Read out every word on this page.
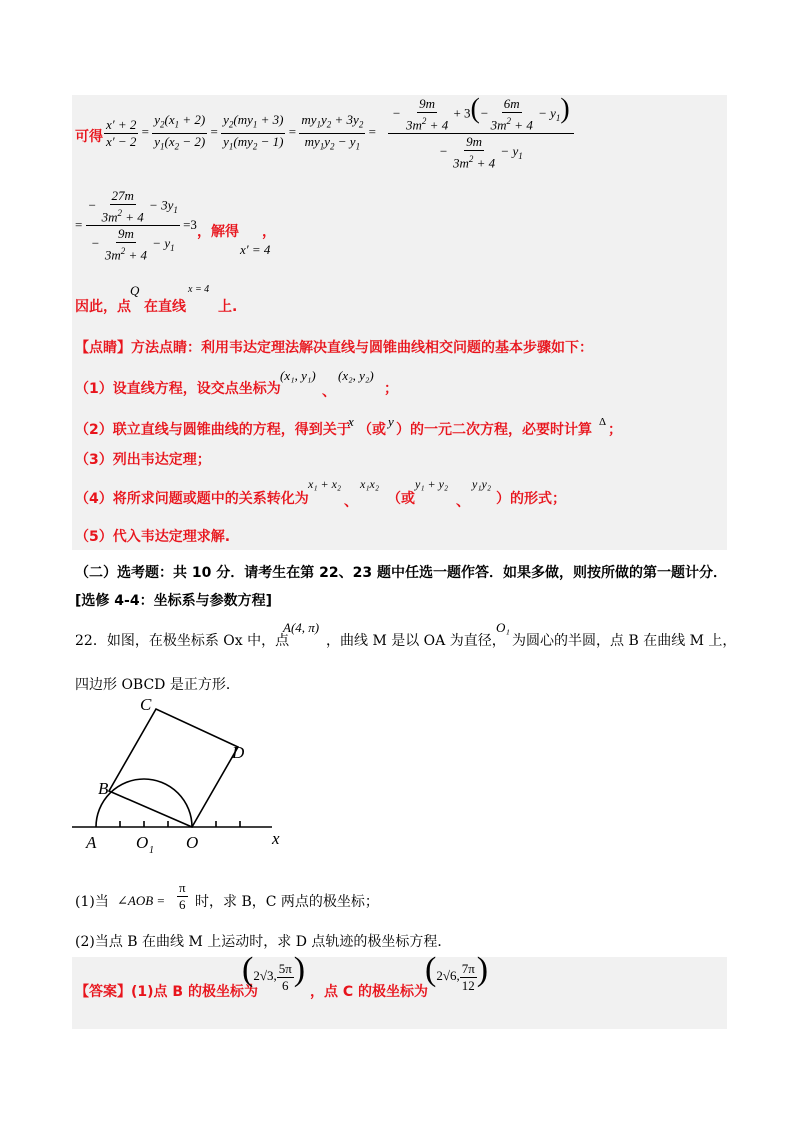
可得 $\frac{x' + 2}{x' - 2} = \frac{y_2(x_1 + 2)}{y_1(x_2 - 2)} = \frac{y_2(my_1 + 3)}{y_1(my_2 - 1)} = \frac{my_1y_2 + 3y_2}{my_1y_2 - y_1} = \frac{- \frac{9m}{3m^2 + 4} + 3(- \frac{6m}{3m^2 + 4} - y_1)}{- \frac{9m}{3m^2 + 4} - y_1}$
= $\frac{- \frac{27m}{3m^2 + 4} - 3y_1}{- \frac{9m}{3m^2 + 4} - y_1} =3$ ，解得 ，
x′ = 4
因此，点
Q
在直线
x = 4
上.
【点睛】方法点睛：利用韦达定理法解决直线与圆锥曲线相交问题的基本步骤如下：
（1）设直线方程，设交点坐标为
(x₁, y₁)
、
(x₂, y₂)
；
（2）联立直线与圆锥曲线的方程，得到关于
x
（或
y
）的一元二次方程，必要时计算 Δ ；
（3）列出韦达定理；
（4）将所求问题或题中的关系转化为
x₁ + x₂
、
x₁x₂
（或
y₁ + y₂
、
y₁y₂
）的形式；
（5）代入韦达定理求解.
（二）选考题：共 10 分．请考生在第 22、23 题中任选一题作答．如果多做，则按所做的第一题计分．
[选修 4-4：坐标系与参数方程]
22．如图，在极坐标系 Ox 中，点
A(4, π)
，曲线 M 是以 OA 为直径，
O₁
为圆心的半圆，点 B 在曲线 M 上，
四边形 OBCD 是正方形．
C
D
B
A O 1 O	x
(1)当 ∠AOB = $\frac{\pi}{6}$ 时，求 B，C 两点的极坐标；
(2)当点 B 在曲线 M 上运动时，求 D 点轨迹的极坐标方程．
【答案】(1)点 B 的极坐标为
(2√3, $\frac{5\pi}{6}$ )
，点 C 的极坐标为
(2√6, $\frac{7\pi}{12}$ )
